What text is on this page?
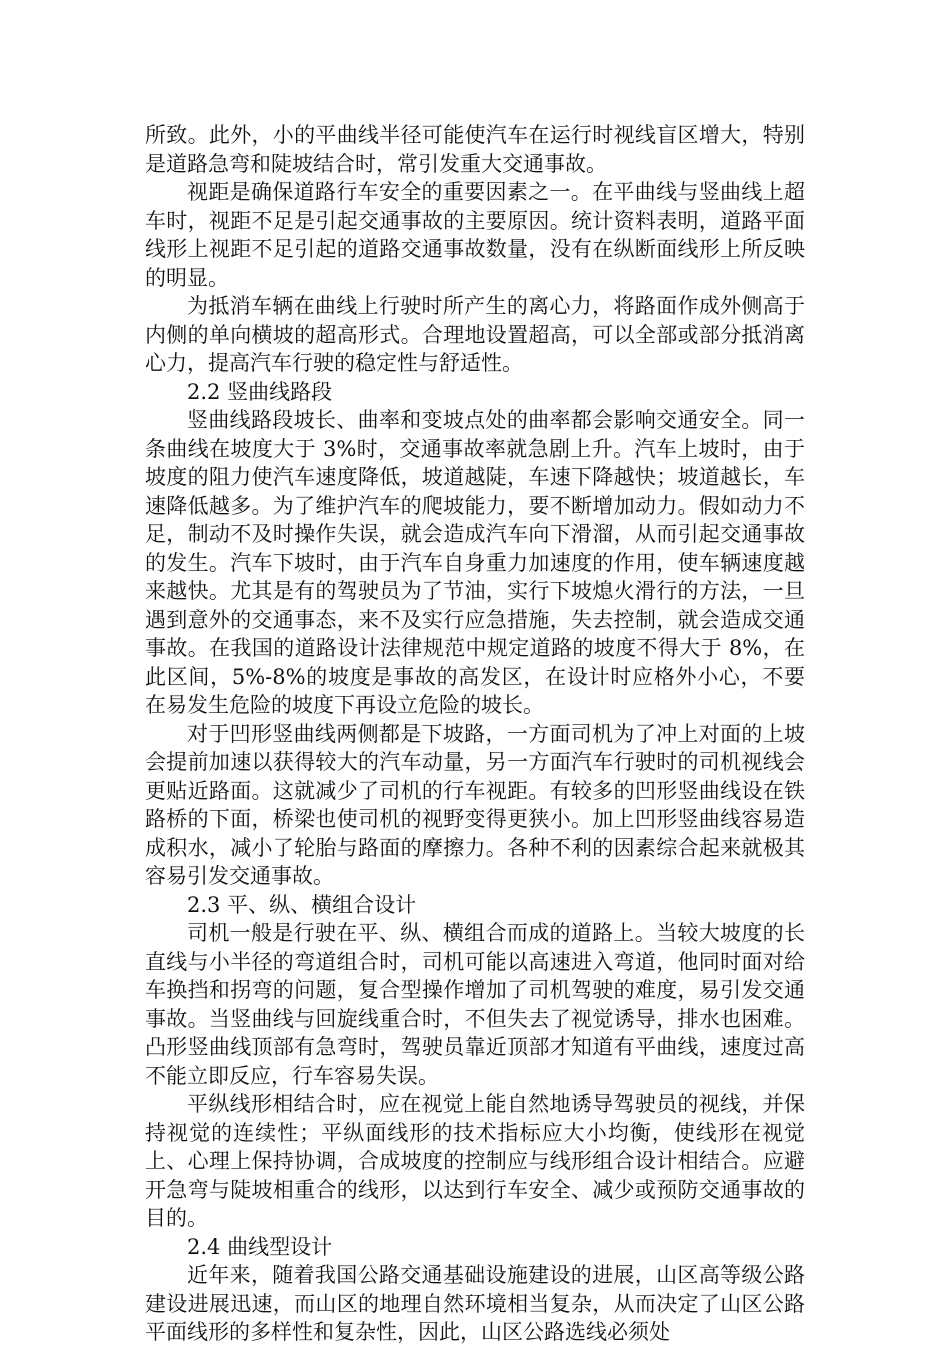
所致。此外，小的平曲线半径可能使汽车在运行时视线盲区增大，特别是道路急弯和陡坡结合时，常引发重大交通事故。

视距是确保道路行车安全的重要因素之一。在平曲线与竖曲线上超车时，视距不足是引起交通事故的主要原因。统计资料表明，道路平面线形上视距不足引起的道路交通事故数量，没有在纵断面线形上所反映的明显。

为抵消车辆在曲线上行驶时所产生的离心力，将路面作成外侧高于内侧的单向横坡的超高形式。合理地设置超高，可以全部或部分抵消离心力，提高汽车行驶的稳定性与舒适性。

2.2 竖曲线路段

竖曲线路段坡长、曲率和变坡点处的曲率都会影响交通安全。同一条曲线在坡度大于 3%时，交通事故率就急剧上升。汽车上坡时，由于坡度的阻力使汽车速度降低，坡道越陡，车速下降越快；坡道越长，车速降低越多。为了维护汽车的爬坡能力，要不断增加动力。假如动力不足，制动不及时操作失误，就会造成汽车向下滑溜，从而引起交通事故的发生。汽车下坡时，由于汽车自身重力加速度的作用，使车辆速度越来越快。尤其是有的驾驶员为了节油，实行下坡熄火滑行的方法，一旦遇到意外的交通事态，来不及实行应急措施，失去控制，就会造成交通事故。在我国的道路设计法律规范中规定道路的坡度不得大于 8%，在此区间，5%-8%的坡度是事故的高发区，在设计时应格外小心，不要在易发生危险的坡度下再设立危险的坡长。

对于凹形竖曲线两侧都是下坡路，一方面司机为了冲上对面的上坡会提前加速以获得较大的汽车动量，另一方面汽车行驶时的司机视线会更贴近路面。这就减少了司机的行车视距。有较多的凹形竖曲线设在铁路桥的下面，桥梁也使司机的视野变得更狭小。加上凹形竖曲线容易造成积水，减小了轮胎与路面的摩擦力。各种不利的因素综合起来就极其容易引发交通事故。

2.3 平、纵、横组合设计

司机一般是行驶在平、纵、横组合而成的道路上。当较大坡度的长直线与小半径的弯道组合时，司机可能以高速进入弯道，他同时面对给车换挡和拐弯的问题，复合型操作增加了司机驾驶的难度，易引发交通事故。当竖曲线与回旋线重合时，不但失去了视觉诱导，排水也困难。凸形竖曲线顶部有急弯时，驾驶员靠近顶部才知道有平曲线，速度过高不能立即反应，行车容易失误。

平纵线形相结合时，应在视觉上能自然地诱导驾驶员的视线，并保持视觉的连续性；平纵面线形的技术指标应大小均衡，使线形在视觉上、心理上保持协调，合成坡度的控制应与线形组合设计相结合。应避开急弯与陡坡相重合的线形，以达到行车安全、减少或预防交通事故的目的。

2.4 曲线型设计

近年来，随着我国公路交通基础设施建设的进展，山区高等级公路建设进展迅速，而山区的地理自然环境相当复杂，从而决定了山区公路平面线形的多样性和复杂性，因此，山区公路选线必须处
